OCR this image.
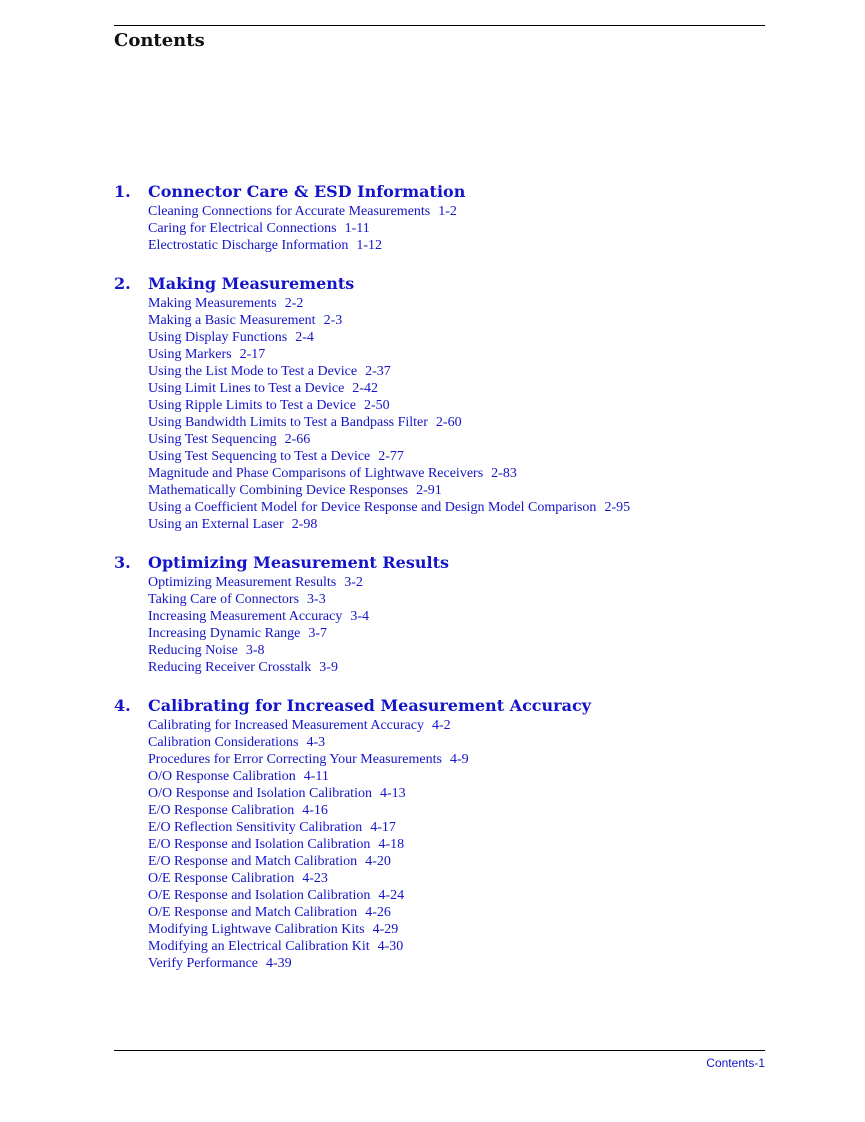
Contents
1. Connector Care & ESD Information
Cleaning Connections for Accurate Measurements 1-2
Caring for Electrical Connections 1-11
Electrostatic Discharge Information 1-12
2. Making Measurements
Making Measurements 2-2
Making a Basic Measurement 2-3
Using Display Functions 2-4
Using Markers 2-17
Using the List Mode to Test a Device 2-37
Using Limit Lines to Test a Device 2-42
Using Ripple Limits to Test a Device 2-50
Using Bandwidth Limits to Test a Bandpass Filter 2-60
Using Test Sequencing 2-66
Using Test Sequencing to Test a Device 2-77
Magnitude and Phase Comparisons of Lightwave Receivers 2-83
Mathematically Combining Device Responses 2-91
Using a Coefficient Model for Device Response and Design Model Comparison 2-95
Using an External Laser 2-98
3. Optimizing Measurement Results
Optimizing Measurement Results 3-2
Taking Care of Connectors 3-3
Increasing Measurement Accuracy 3-4
Increasing Dynamic Range 3-7
Reducing Noise 3-8
Reducing Receiver Crosstalk 3-9
4. Calibrating for Increased Measurement Accuracy
Calibrating for Increased Measurement Accuracy 4-2
Calibration Considerations 4-3
Procedures for Error Correcting Your Measurements 4-9
O/O Response Calibration 4-11
O/O Response and Isolation Calibration 4-13
E/O Response Calibration 4-16
E/O Reflection Sensitivity Calibration 4-17
E/O Response and Isolation Calibration 4-18
E/O Response and Match Calibration 4-20
O/E Response Calibration 4-23
O/E Response and Isolation Calibration 4-24
O/E Response and Match Calibration 4-26
Modifying Lightwave Calibration Kits 4-29
Modifying an Electrical Calibration Kit 4-30
Verify Performance 4-39
Contents-1
